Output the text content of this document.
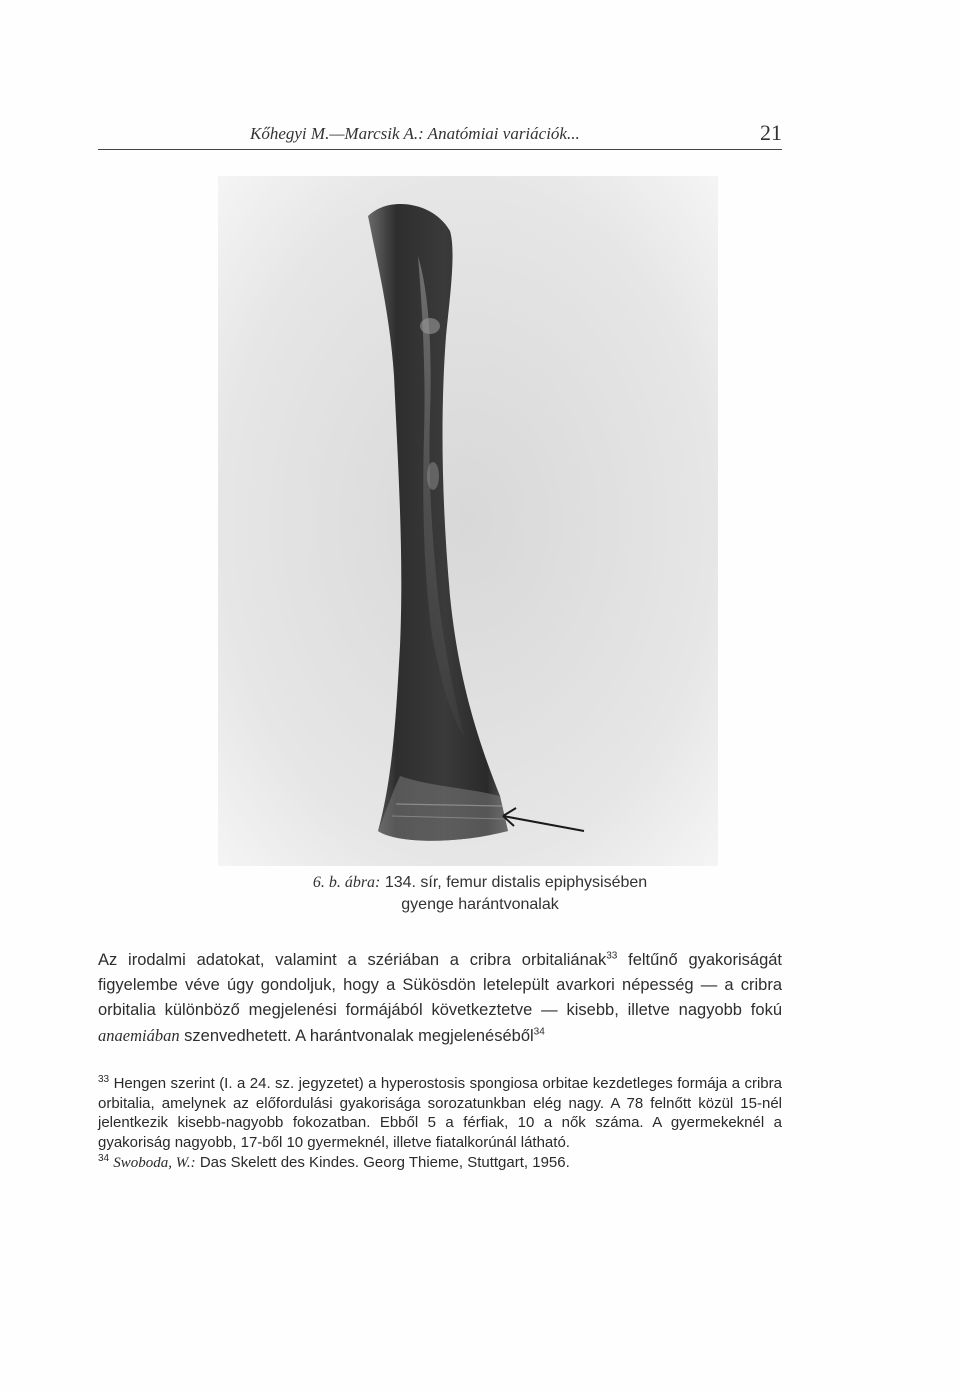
Kőhegyi M.—Marcsik A.: Anatómiai variációk...	21
6. b. ábra: 134. sír, femur distalis epiphysisében
gyenge harántvonalak

Az irodalmi adatokat, valamint a szériában a cribra orbitaliának$^{33}$ feltűnő gyakoriságát figyelembe véve úgy gondoljuk, hogy a Sükösdön letelepült avarkori népesség — a cribra orbitalia különböző megjelenési formájából következtetve — kisebb, illetve nagyobb fokú anaemiában szenvedhetett. A harántvonalak megjelenéséből$^{34}$

$^{33}$ Hengen szerint (I. a 24. sz. jegyzetet) a hyperostosis spongiosa orbitae kezdetleges formája a cribra orbitalia, amelynek az előfordulási gyakorisága sorozatunkban elég nagy. A 78 felnőtt közül 15-nél jelentkezik kisebb-nagyobb fokozatban. Ebből 5 a férfiak, 10 a nők száma. A gyermekeknél a gyakoriság nagyobb, 17-ből 10 gyermeknél, illetve fiatalkorúnál látható.

$^{34}$ Swoboda, W.: Das Skelett des Kindes. Georg Thieme, Stuttgart, 1956.
